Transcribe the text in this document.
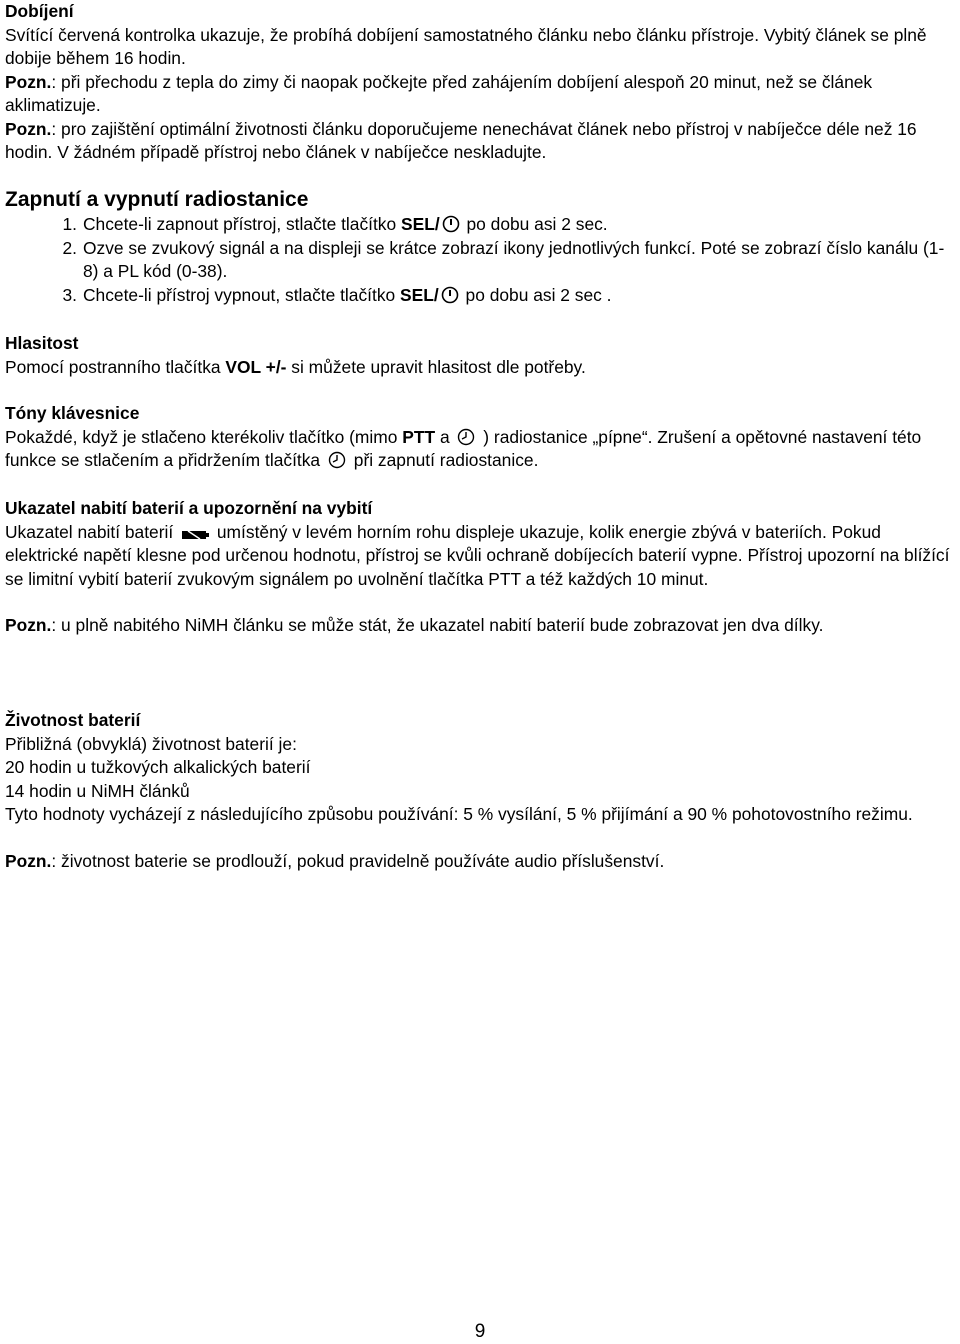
Dobíjení

Svítící červená kontrolka ukazuje, že probíhá dobíjení samostatného článku nebo článku přístroje. Vybitý článek se plně dobije během 16 hodin.

Pozn.: při přechodu z tepla do zimy či naopak počkejte před zahájením dobíjení alespoň 20 minut, než se článek aklimatizuje.

Pozn.: pro zajištění optimální životnosti článku doporučujeme nenechávat článek nebo přístroj v nabíječce déle než 16 hodin. V žádném případě přístroj nebo článek v nabíječce neskladujte.

Zapnutí a vypnutí radiostanice

1. Chcete-li zapnout přístroj, stlačte tlačítko SEL/ po dobu asi 2 sec.
2. Ozve se zvukový signál a na displeji se krátce zobrazí ikony jednotlivých funkcí. Poté se zobrazí číslo kanálu (1-8) a PL kód (0-38).
3. Chcete-li přístroj vypnout, stlačte tlačítko SEL/ po dobu asi 2 sec .

Hlasitost

Pomocí postranního tlačítka VOL +/- si můžete upravit hlasitost dle potřeby.

Tóny klávesnice

Pokaždé, když je stlačeno kterékoliv tlačítko (mimo PTT a  ) radiostanice „pípne“. Zrušení a opětovné nastavení této funkce se stlačením a přidržením tlačítka  při zapnutí radiostanice.

Ukazatel nabití baterií a upozornění na vybití

Ukazatel nabití baterií  umístěný v levém horním rohu displeje ukazuje, kolik energie zbývá v bateriích. Pokud elektrické napětí klesne pod určenou hodnotu, přístroj se kvůli ochraně dobíjecích baterií vypne. Přístroj upozorní na blížící se limitní vybití baterií zvukovým signálem po uvolnění tlačítka PTT a též každých 10 minut.

Pozn.: u plně nabitého NiMH článku se může stát, že ukazatel nabití baterií bude zobrazovat jen dva dílky.

Životnost baterií

Přibližná (obvyklá) životnost baterií je:

20 hodin u tužkových alkalických baterií

14 hodin u NiMH článků

Tyto hodnoty vycházejí z následujícího způsobu používání: 5 % vysílání, 5 % přijímání a 90 % pohotovostního režimu.

Pozn.: životnost baterie se prodlouží, pokud pravidelně používáte audio příslušenství.

9
